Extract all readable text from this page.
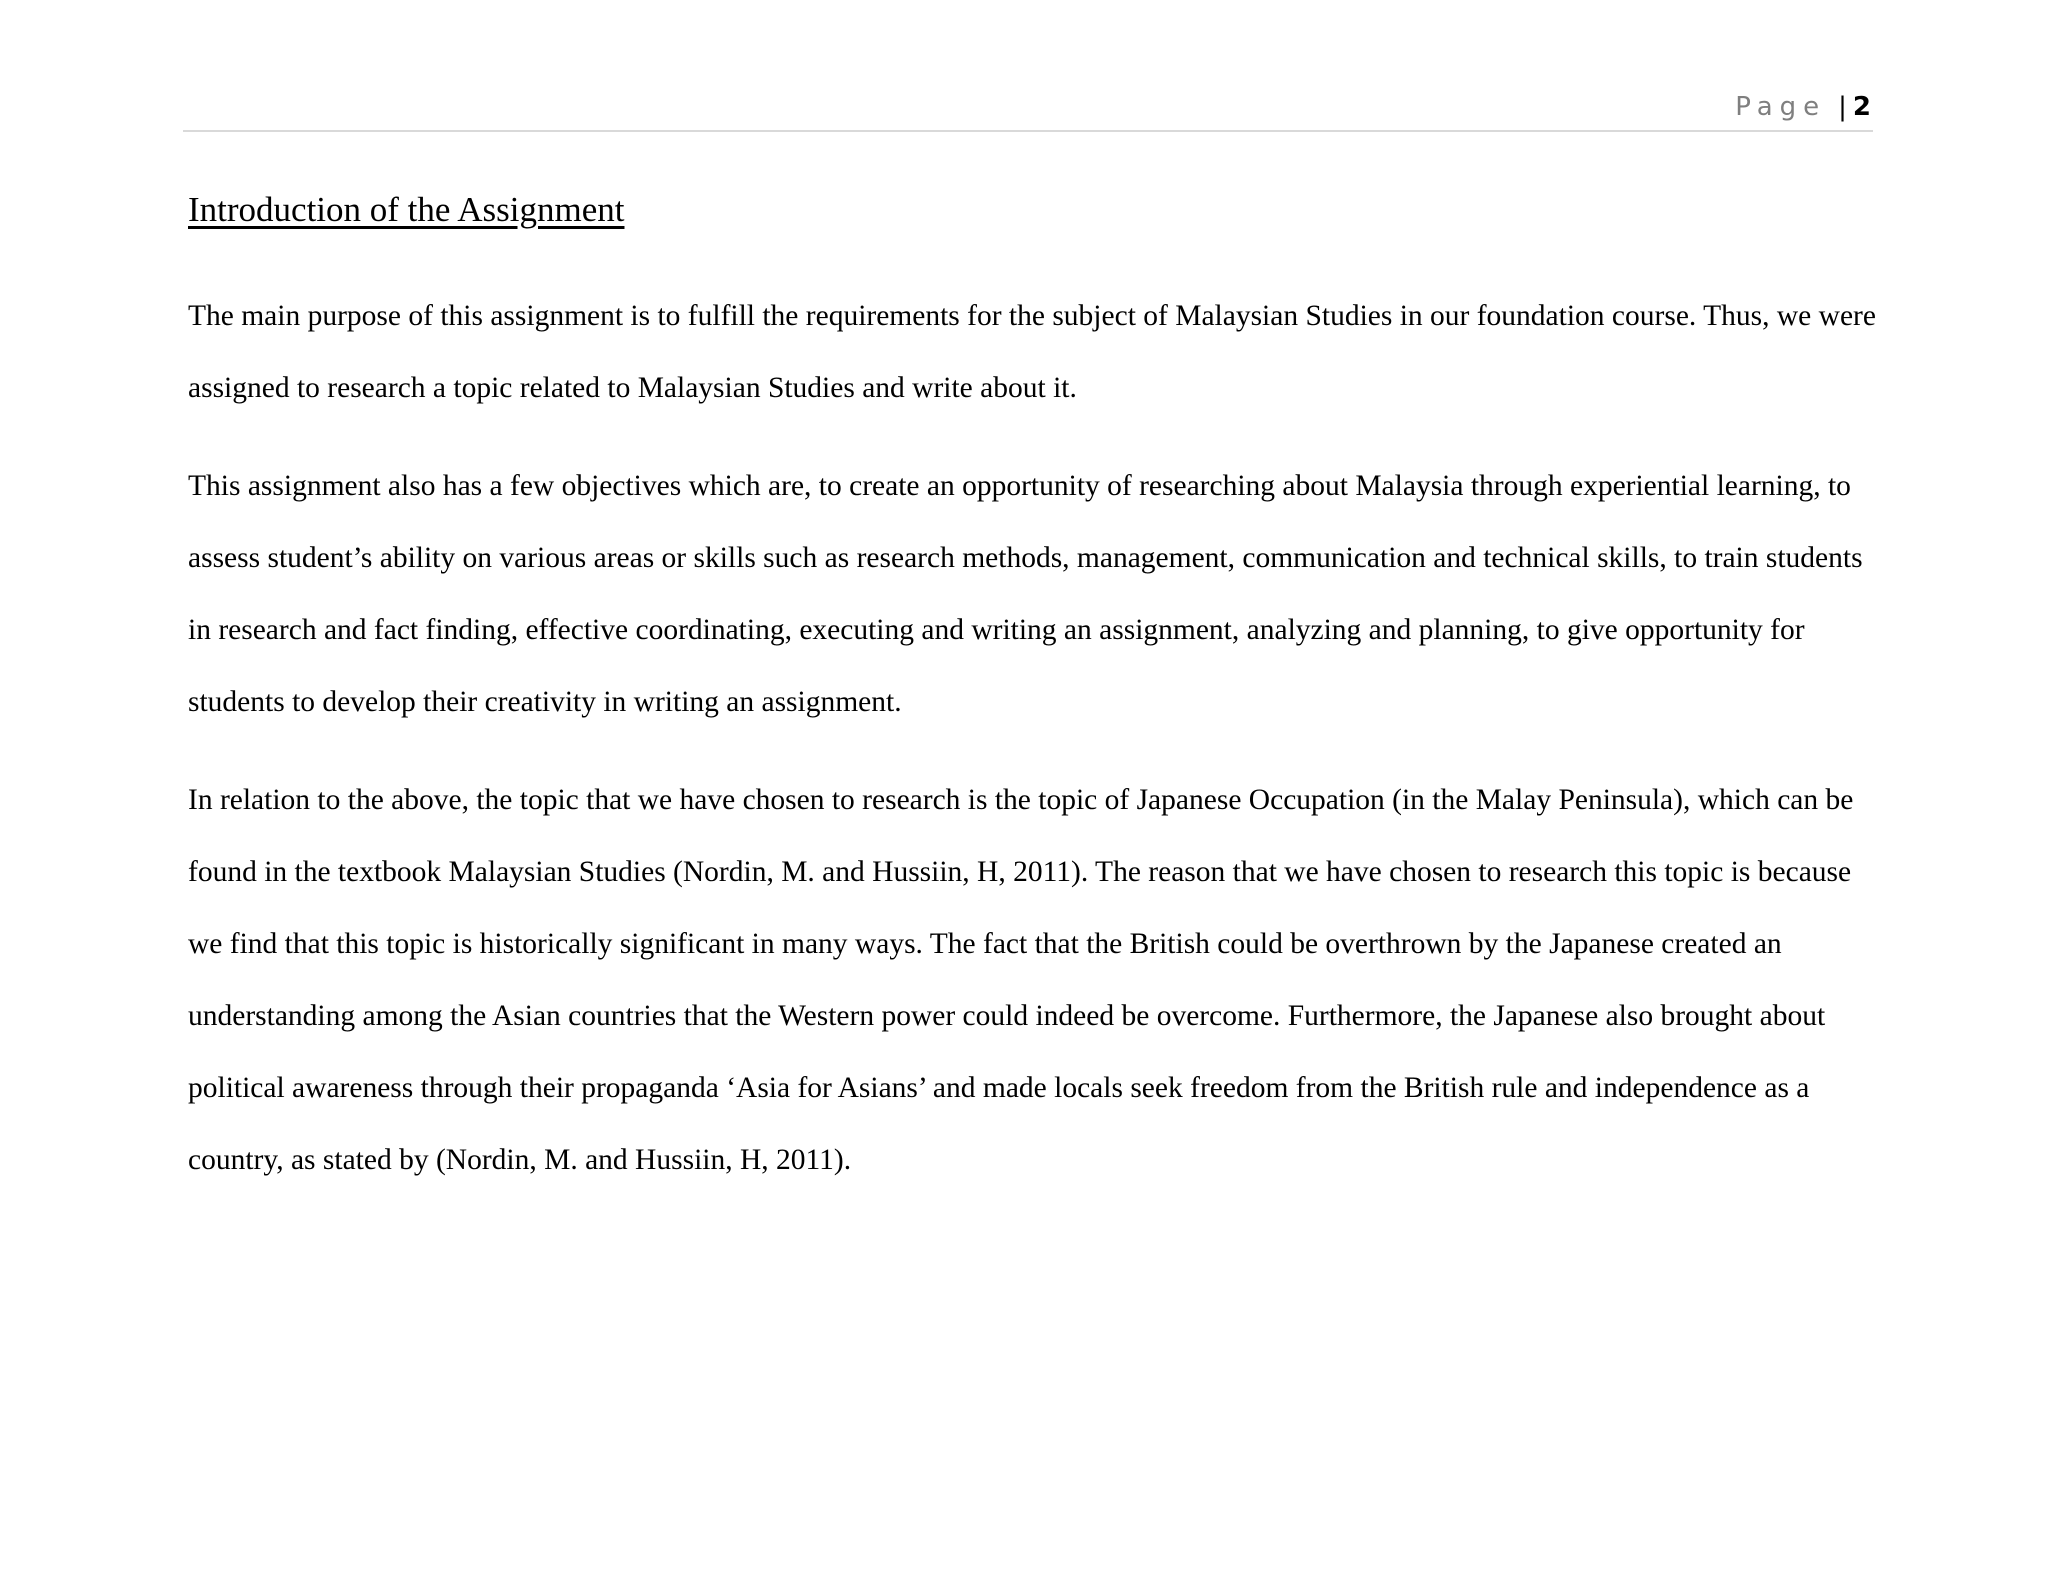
Page | 2
Introduction of the Assignment

The main purpose of this assignment is to fulfill the requirements for the subject of Malaysian Studies in our foundation course. Thus, we were assigned to research a topic related to Malaysian Studies and write about it.

This assignment also has a few objectives which are, to create an opportunity of researching about Malaysia through experiential learning, to assess student’s ability on various areas or skills such as research methods, management, communication and technical skills, to train students in research and fact finding, effective coordinating, executing and writing an assignment, analyzing and planning, to give opportunity for students to develop their creativity in writing an assignment.

In relation to the above, the topic that we have chosen to research is the topic of Japanese Occupation (in the Malay Peninsula), which can be found in the textbook Malaysian Studies (Nordin, M. and Hussiin, H, 2011). The reason that we have chosen to research this topic is because we find that this topic is historically significant in many ways. The fact that the British could be overthrown by the Japanese created an understanding among the Asian countries that the Western power could indeed be overcome. Furthermore, the Japanese also brought about political awareness through their propaganda ‘Asia for Asians’ and made locals seek freedom from the British rule and independence as a country, as stated by (Nordin, M. and Hussiin, H, 2011).
